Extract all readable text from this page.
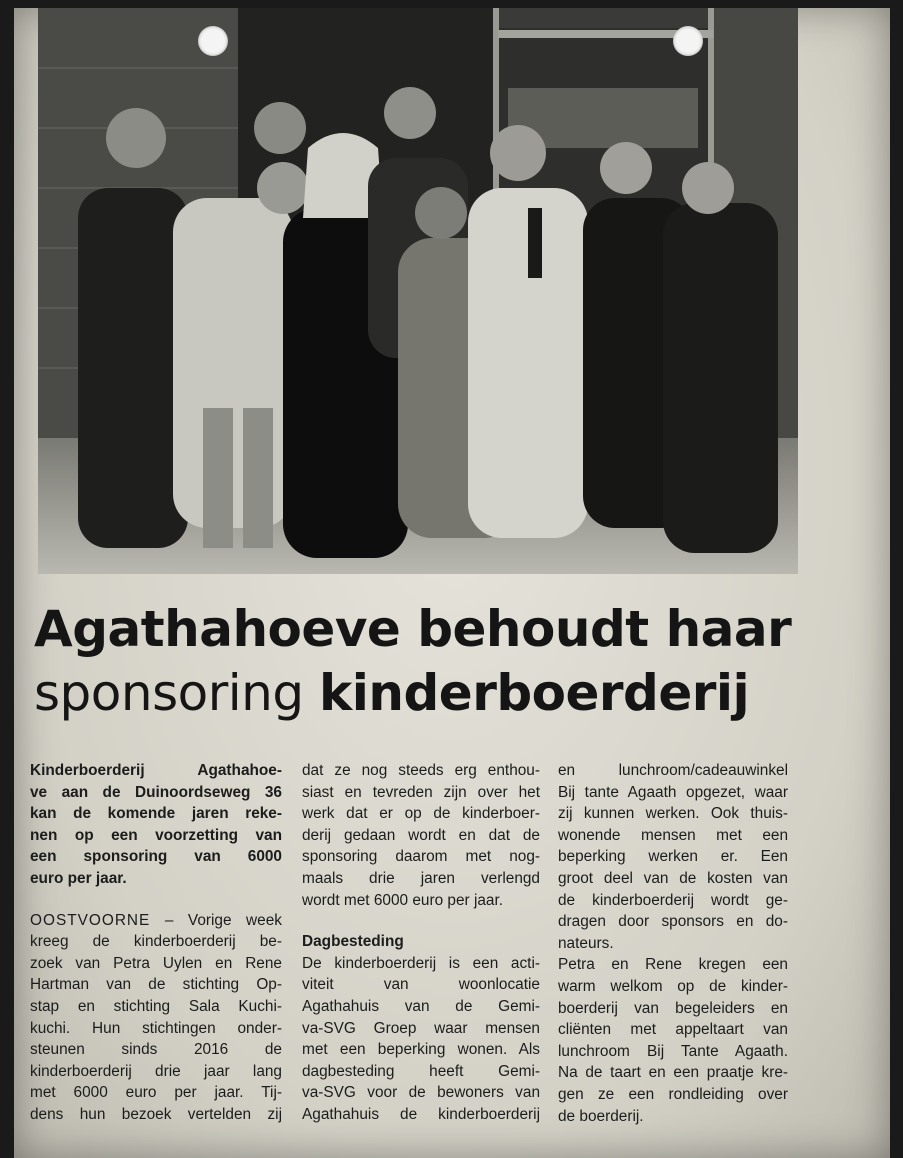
Agathahoeve behoudt haar
sponsoring kinderboerderij
Kinderboerderij Agathahoe-
ve aan de Duinoordseweg 36
kan de komende jaren reke-
nen op een voorzetting van
een sponsoring van 6000
euro per jaar.
OOSTVOORNE – Vorige week
kreeg de kinderboerderij be-
zoek van Petra Uylen en Rene
Hartman van de stichting Op-
stap en stichting Sala Kuchi-
kuchi. Hun stichtingen onder-
steunen sinds 2016 de
kinderboerderij drie jaar lang
met 6000 euro per jaar. Tij-
dens hun bezoek vertelden zij
dat ze nog steeds erg enthou-
siast en tevreden zijn over het
werk dat er op de kinderboer-
derij gedaan wordt en dat de
sponsoring daarom met nog-
maals drie jaren verlengd
wordt met 6000 euro per jaar.
Dagbesteding
De kinderboerderij is een acti-
viteit van woonlocatie
Agathahuis van de Gemi-
va-SVG Groep waar mensen
met een beperking wonen. Als
dagbesteding heeft Gemi-
va-SVG voor de bewoners van
Agathahuis de kinderboerderij
en lunchroom/cadeauwinkel
Bij tante Agaath opgezet, waar
zij kunnen werken. Ook thuis-
wonende mensen met een
beperking werken er. Een
groot deel van de kosten van
de kinderboerderij wordt ge-
dragen door sponsors en do-
nateurs.
Petra en Rene kregen een
warm welkom op de kinder-
boerderij van begeleiders en
cliënten met appeltaart van
lunchroom Bij Tante Agaath.
Na de taart en een praatje kre-
gen ze een rondleiding over
de boerderij.
